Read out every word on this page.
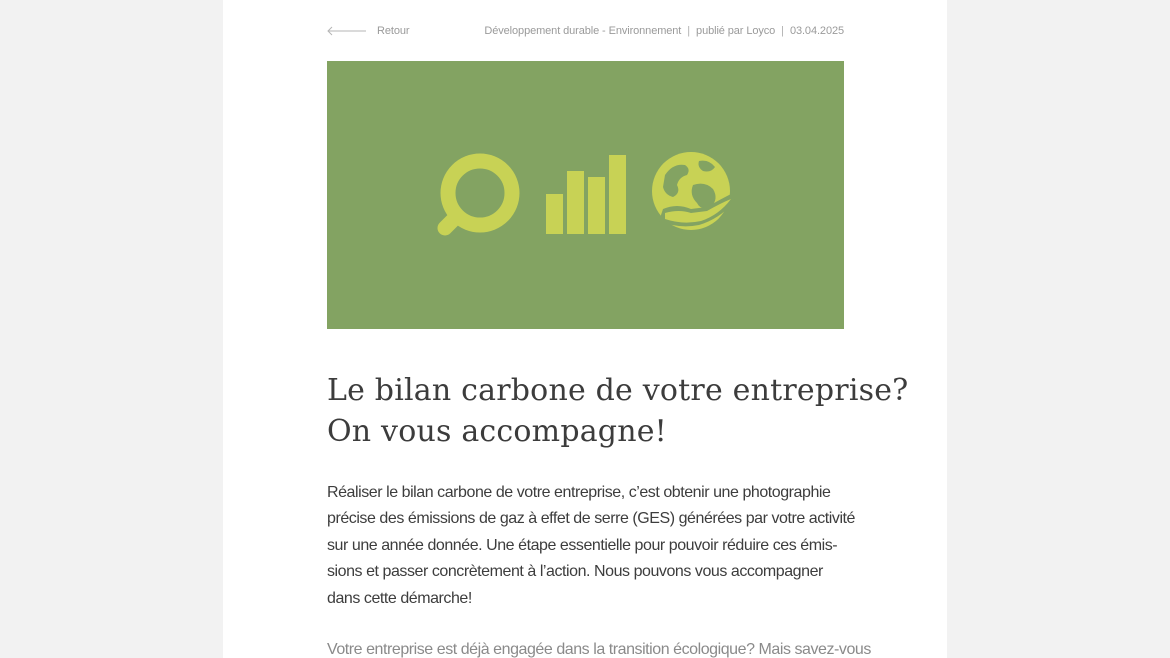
Retour	Développement durable - Environnement | publié par Loyco | 03.04.2025
Le bilan carbone de votre entreprise?
On vous accompagne!

Réaliser le bilan carbone de votre entreprise, c’est obtenir une photographie
précise des émissions de gaz à effet de serre (GES) générées par votre activité
sur une année donnée. Une étape essentielle pour pouvoir réduire ces émis-
sions et passer concrètement à l’action. Nous pouvons vous accompagner
dans cette démarche!

Votre entreprise est déjà engagée dans la transition écologique? Mais savez-vous
